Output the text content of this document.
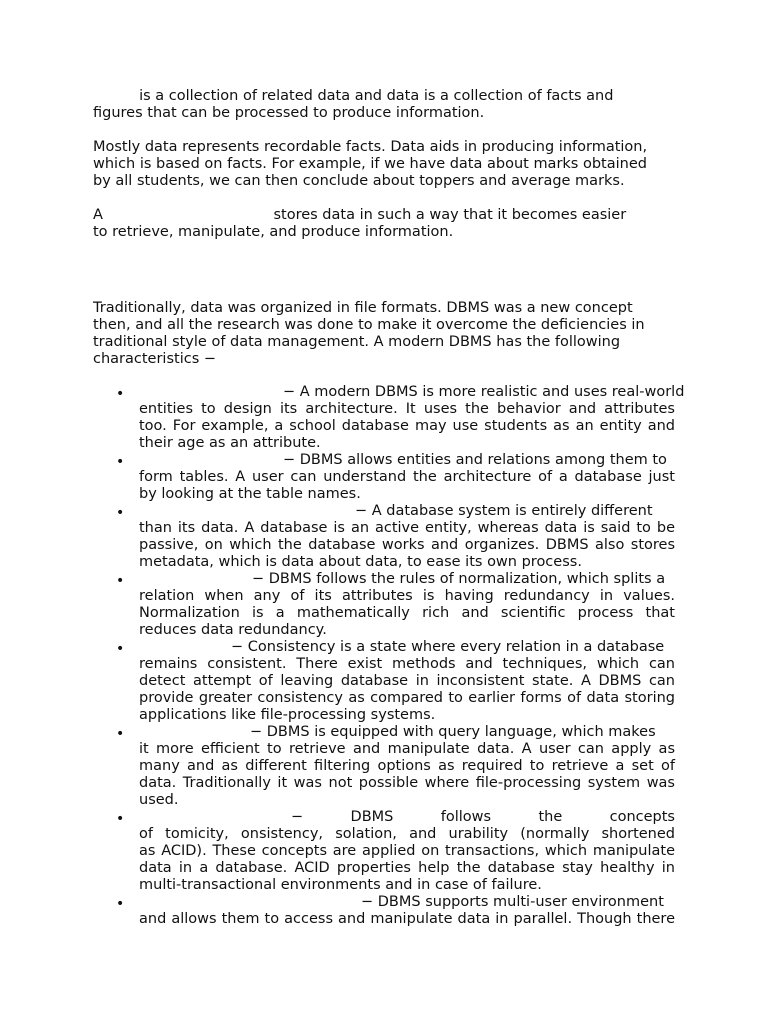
is a collection of related data and data is a collection of facts and
figures that can be processed to produce information.

Mostly data represents recordable facts. Data aids in producing information,
which is based on facts. For example, if we have data about marks obtained
by all students, we can then conclude about toppers and average marks.

A                                     stores data in such a way that it becomes easier
to retrieve, manipulate, and produce information.

Traditionally, data was organized in file formats. DBMS was a new concept
then, and all the research was done to make it overcome the deficiencies in
traditional style of data management. A modern DBMS has the following
characteristics −

•	− A modern DBMS is more realistic and uses real-world
entities to design its architecture. It uses the behavior and attributes
too. For example, a school database may use students as an entity and
their age as an attribute.
•	− DBMS allows entities and relations among them to
form tables. A user can understand the architecture of a database just
by looking at the table names.
•	− A database system is entirely different
than its data. A database is an active entity, whereas data is said to be
passive, on which the database works and organizes. DBMS also stores
metadata, which is data about data, to ease its own process.
•	− DBMS follows the rules of normalization, which splits a
relation when any of its attributes is having redundancy in values.
Normalization is a mathematically rich and scientific process that
reduces data redundancy.
•	− Consistency is a state where every relation in a database
remains consistent. There exist methods and techniques, which can
detect attempt of leaving database in inconsistent state. A DBMS can
provide greater consistency as compared to earlier forms of data storing
applications like file-processing systems.
•	− DBMS is equipped with query language, which makes
it more efficient to retrieve and manipulate data. A user can apply as
many and as different filtering options as required to retrieve a set of
data. Traditionally it was not possible where file-processing system was
used.
•	− DBMS follows the concepts
of tomicity, onsistency, solation, and urability (normally shortened
as ACID). These concepts are applied on transactions, which manipulate
data in a database. ACID properties help the database stay healthy in
multi-transactional environments and in case of failure.
•	− DBMS supports multi-user environment
and allows them to access and manipulate data in parallel. Though there
